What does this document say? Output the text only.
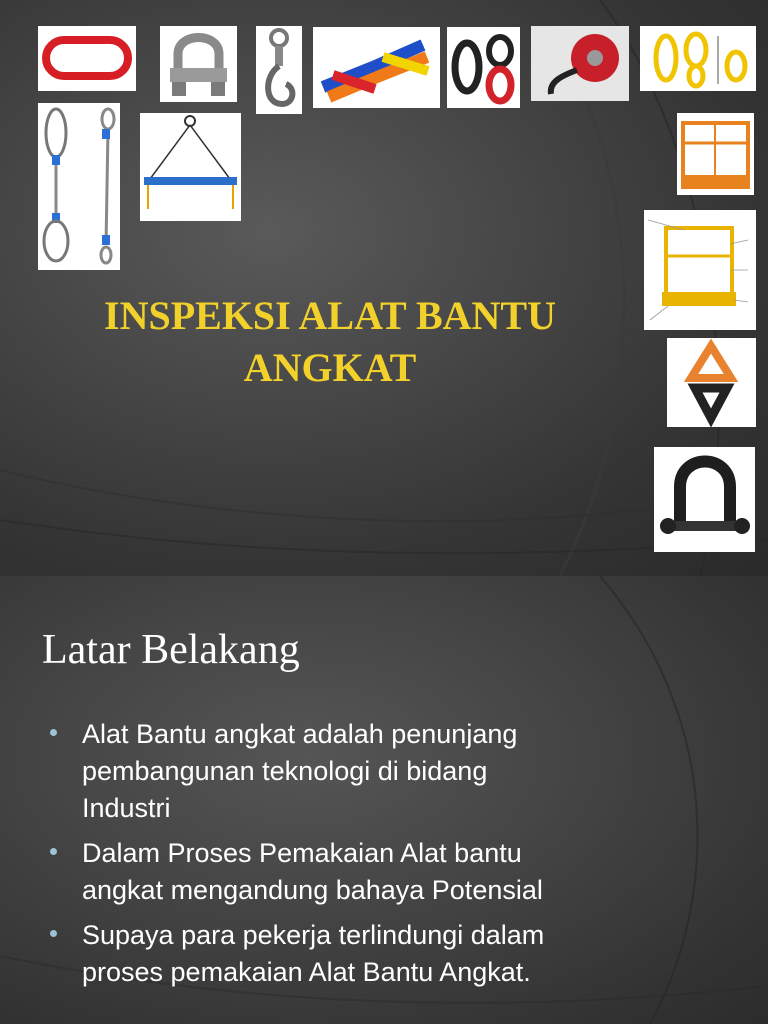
INSPEKSI ALAT BANTU
ANGKAT
Latar Belakang
Alat Bantu angkat adalah penunjang
pembangunan teknologi di bidang
Industri
Dalam Proses Pemakaian Alat bantu
angkat mengandung bahaya Potensial
Supaya para pekerja terlindungi dalam
proses pemakaian Alat Bantu Angkat.
